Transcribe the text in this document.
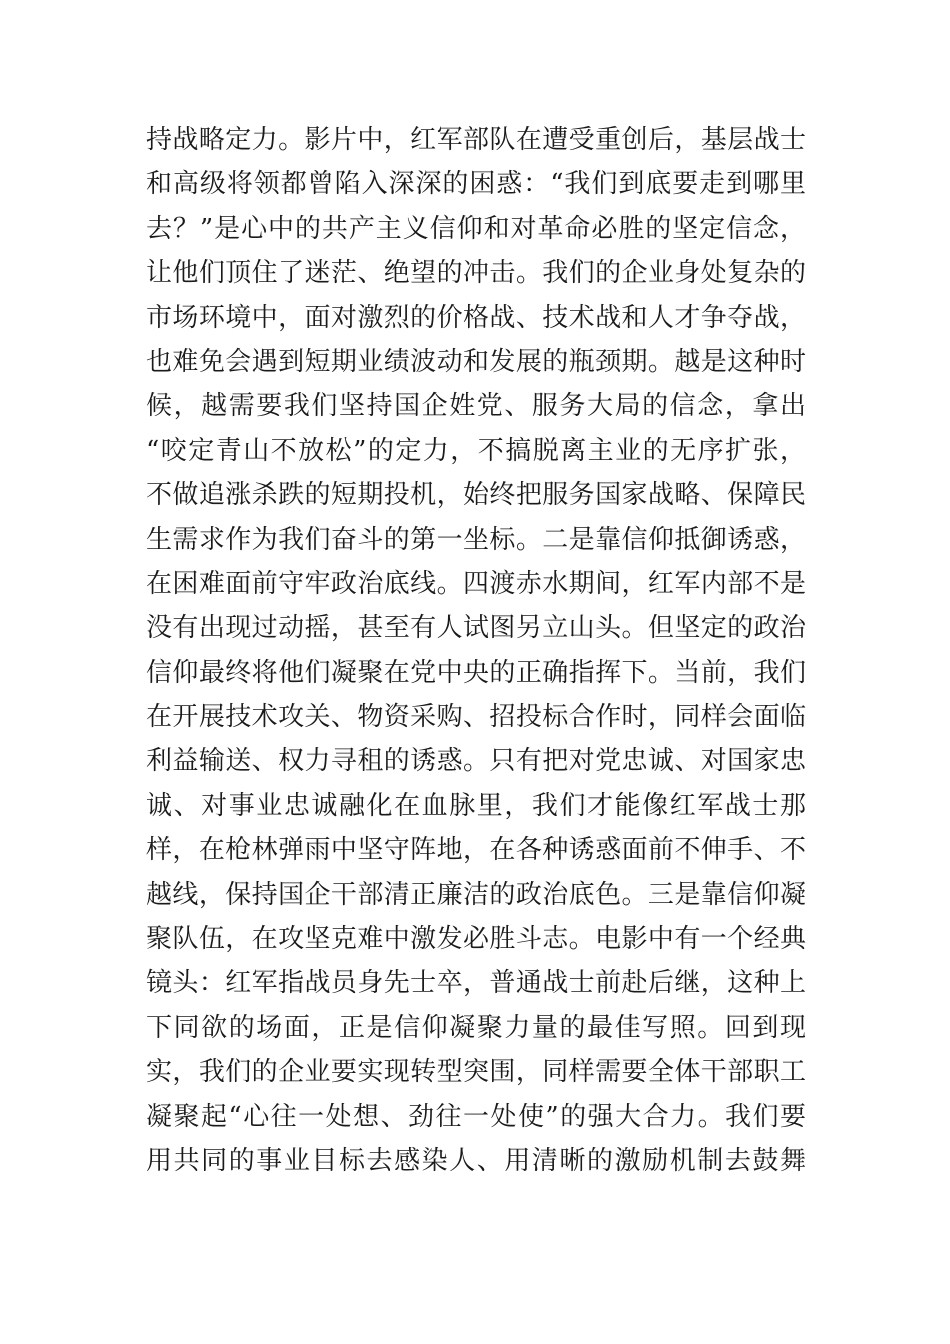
持战略定力。影片中，红军部队在遭受重创后，基层战士
和高级将领都曾陷入深深的困惑：“我们到底要走到哪里
去？”是心中的共产主义信仰和对革命必胜的坚定信念，
让他们顶住了迷茫、绝望的冲击。我们的企业身处复杂的
市场环境中，面对激烈的价格战、技术战和人才争夺战，
也难免会遇到短期业绩波动和发展的瓶颈期。越是这种时
候，越需要我们坚持国企姓党、服务大局的信念，拿出
“咬定青山不放松”的定力，不搞脱离主业的无序扩张，
不做追涨杀跌的短期投机，始终把服务国家战略、保障民
生需求作为我们奋斗的第一坐标。二是靠信仰抵御诱惑，
在困难面前守牢政治底线。四渡赤水期间，红军内部不是
没有出现过动摇，甚至有人试图另立山头。但坚定的政治
信仰最终将他们凝聚在党中央的正确指挥下。当前，我们
在开展技术攻关、物资采购、招投标合作时，同样会面临
利益输送、权力寻租的诱惑。只有把对党忠诚、对国家忠
诚、对事业忠诚融化在血脉里，我们才能像红军战士那
样，在枪林弹雨中坚守阵地，在各种诱惑面前不伸手、不
越线，保持国企干部清正廉洁的政治底色。三是靠信仰凝
聚队伍，在攻坚克难中激发必胜斗志。电影中有一个经典
镜头：红军指战员身先士卒，普通战士前赴后继，这种上
下同欲的场面，正是信仰凝聚力量的最佳写照。回到现
实，我们的企业要实现转型突围，同样需要全体干部职工
凝聚起“心往一处想、劲往一处使”的强大合力。我们要
用共同的事业目标去感染人、用清晰的激励机制去鼓舞
